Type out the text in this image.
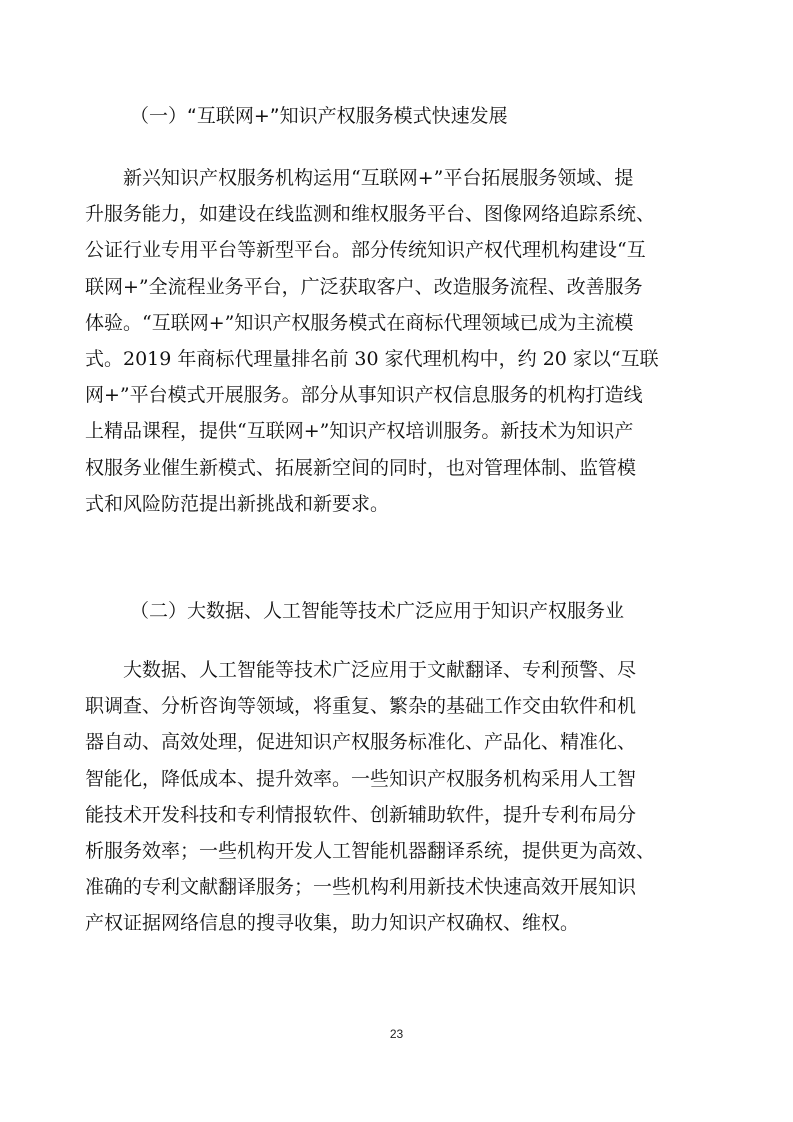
（一）“互联网+”知识产权服务模式快速发展

　　新兴知识产权服务机构运用“互联网+”平台拓展服务领域、提
升服务能力，如建设在线监测和维权服务平台、图像网络追踪系统、
公证行业专用平台等新型平台。部分传统知识产权代理机构建设“互
联网+”全流程业务平台，广泛获取客户、改造服务流程、改善服务
体验。“互联网+”知识产权服务模式在商标代理领域已成为主流模
式。2019 年商标代理量排名前 30 家代理机构中，约 20 家以“互联
网+”平台模式开展服务。部分从事知识产权信息服务的机构打造线
上精品课程，提供“互联网+”知识产权培训服务。新技术为知识产
权服务业催生新模式、拓展新空间的同时，也对管理体制、监管模
式和风险防范提出新挑战和新要求。

（二）大数据、人工智能等技术广泛应用于知识产权服务业

　　大数据、人工智能等技术广泛应用于文献翻译、专利预警、尽
职调查、分析咨询等领域，将重复、繁杂的基础工作交由软件和机
器自动、高效处理，促进知识产权服务标准化、产品化、精准化、
智能化，降低成本、提升效率。一些知识产权服务机构采用人工智
能技术开发科技和专利情报软件、创新辅助软件，提升专利布局分
析服务效率；一些机构开发人工智能机器翻译系统，提供更为高效、
准确的专利文献翻译服务；一些机构利用新技术快速高效开展知识
产权证据网络信息的搜寻收集，助力知识产权确权、维权。

23
